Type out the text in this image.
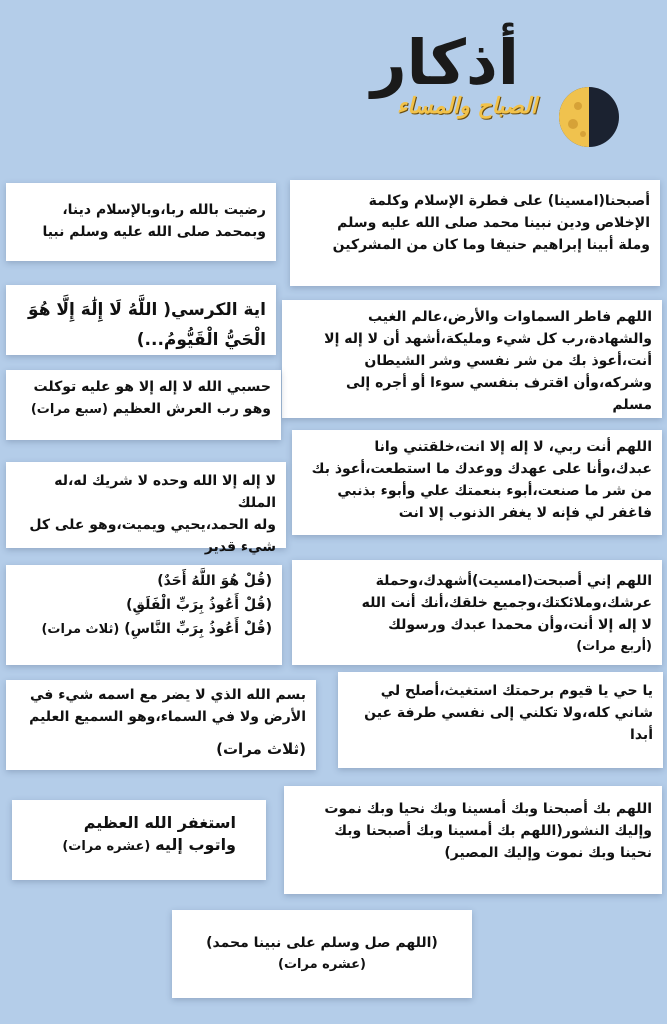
أذكار
الصباح والمساء
أصبحنا(امسينا) على فطرة الإسلام وكلمة
الإخلاص ودين نبينا محمد صلى الله عليه وسلم
وملة أبينا إبراهيم حنيفا وما كان من المشركين
رضيت بالله ربا،وبالإسلام دينا،
وبمحمد صلى الله عليه وسلم نبيا
اية الكرسي( اللَّهُ لَا إِلَٰهَ إِلَّا هُوَ
الْحَيُّ الْقَيُّومُ...)
اللهم فاطر السماوات والأرض،عالم الغيب
والشهادة،رب كل شيء ومليكة،أشهد أن لا إله إلا
أنت،أعوذ بك من شر نفسي وشر الشيطان
وشركه،وأن اقترف بنفسي سوءا أو أجره إلى
مسلم
حسبي الله لا إله إلا هو عليه توكلت
وهو رب العرش العظيم (سبع مرات)
اللهم أنت ربي، لا إله إلا انت،خلقتني وانا
عبدك،وأنا على عهدك ووعدك ما استطعت،أعوذ بك
من شر ما صنعت،أبوء بنعمتك علي وأبوء بذنبي
فاغفر لي فإنه لا يغفر الذنوب إلا انت
لا إله إلا الله وحده لا شريك له،له الملك
وله الحمد،يحيي ويميت،وهو على كل
شيء قدير
(قُلْ هُوَ اللَّهُ أَحَدٌ)
(قُلْ أَعُوذُ بِرَبِّ الْفَلَقِ)
(قُلْ أَعُوذُ بِرَبِّ النَّاسِ) (ثلاث مرات)
اللهم إني أصبحت(امسيت)أشهدك،وحملة
عرشك،وملائكتك،وجميع خلقك،أنك أنت الله
لا إله إلا أنت،وأن محمدا عبدك ورسولك
(أربع مرات)
بسم الله الذي لا يضر مع اسمه شيء في
الأرض ولا في السماء،وهو السميع العليم
(ثلاث مرات)
يا حي يا قيوم برحمتك استغيث،أصلح لي
شاني كله،ولا تكلني إلى نفسي طرفة عين
أبدا
استغفر الله العظيم
واتوب إليه (عشره مرات)
اللهم بك أصبحنا وبك أمسينا وبك نحيا وبك نموت
وإليك النشور(اللهم بك أمسينا وبك أصبحنا وبك
نحينا وبك نموت وإليك المصير)
(اللهم صل وسلم على نبينا محمد)
(عشره مرات)
